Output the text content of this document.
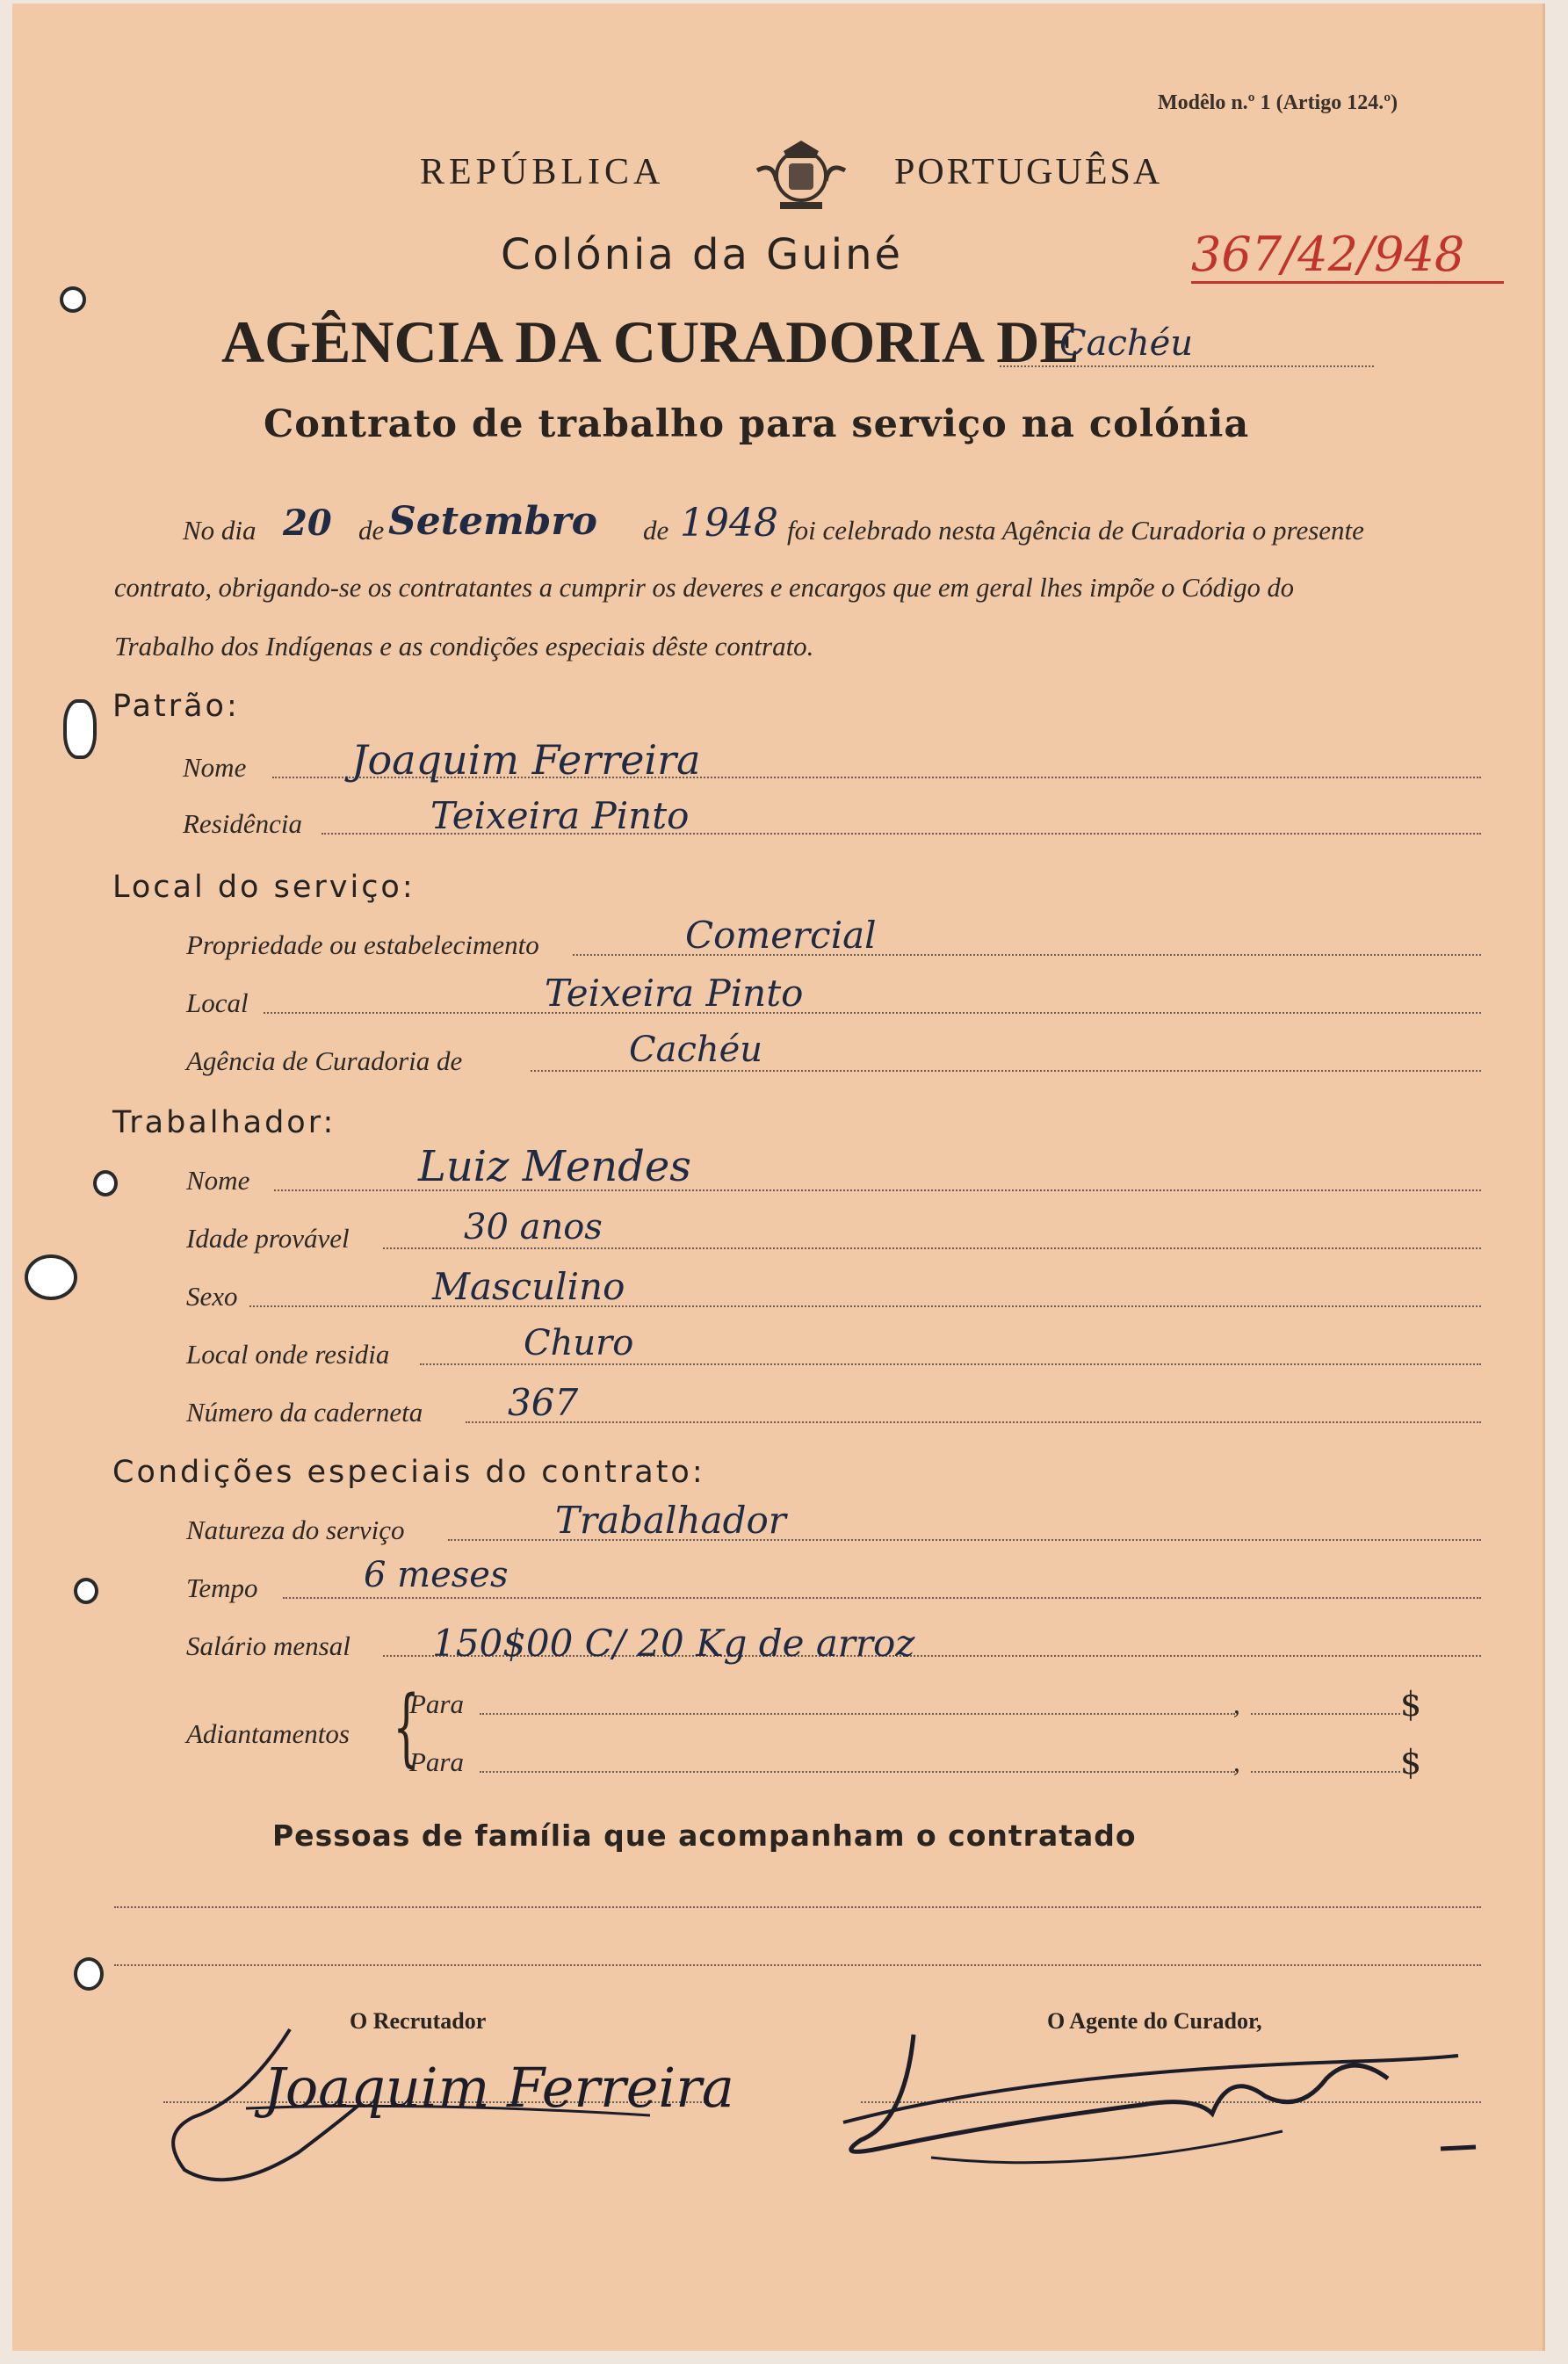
Modêlo n.º 1 (Artigo 124.º)
REPÚBLICA	PORTUGUÊSA
Colónia da Guiné	367/42/948
AGÊNCIA DA CURADORIA DE
Cachéu
Contrato de trabalho para serviço na colónia
No dia 20 de Setembro de 1948 foi celebrado nesta Agência de Curadoria o presente
contrato, obrigando-se os contratantes a cumprir os deveres e encargos que em geral lhes impõe o Código do
Trabalho dos Indígenas e as condições especiais dêste contrato.
Patrão:
Nome	Joaquim Ferreira
Residência	Teixeira Pinto
Local do serviço:
Propriedade ou estabelecimento	Comercial
Local	Teixeira Pinto
Agência de Curadoria de	Cachéu
Trabalhador:
Nome	Luiz Mendes
Idade provável	30 anos
Sexo	Masculino
Local onde residia	Churo
Número da caderneta 367
Condições especiais do contrato:
Natureza do serviço	Trabalhador
Tempo	6 meses
Salário mensal 150$00 C/ 20 Kg de arroz
Adiantamentos {
Para	,	$
Para	,	$
Pessoas de família que acompanham o contratado
O Recrutador	O Agente do Curador,
Joaquim Ferreira
